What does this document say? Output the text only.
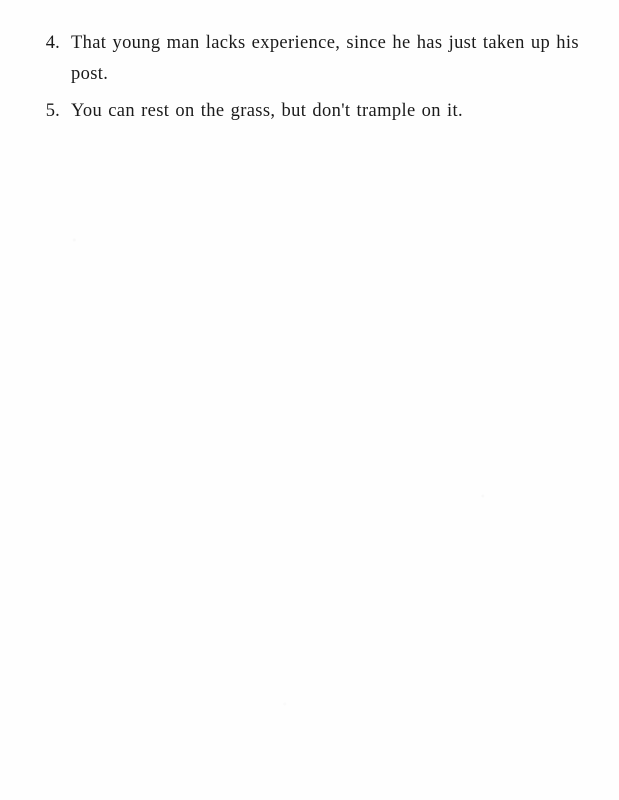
4. That young man lacks experience, since he has just taken up his post.
5. You can rest on the grass, but don't trample on it.
